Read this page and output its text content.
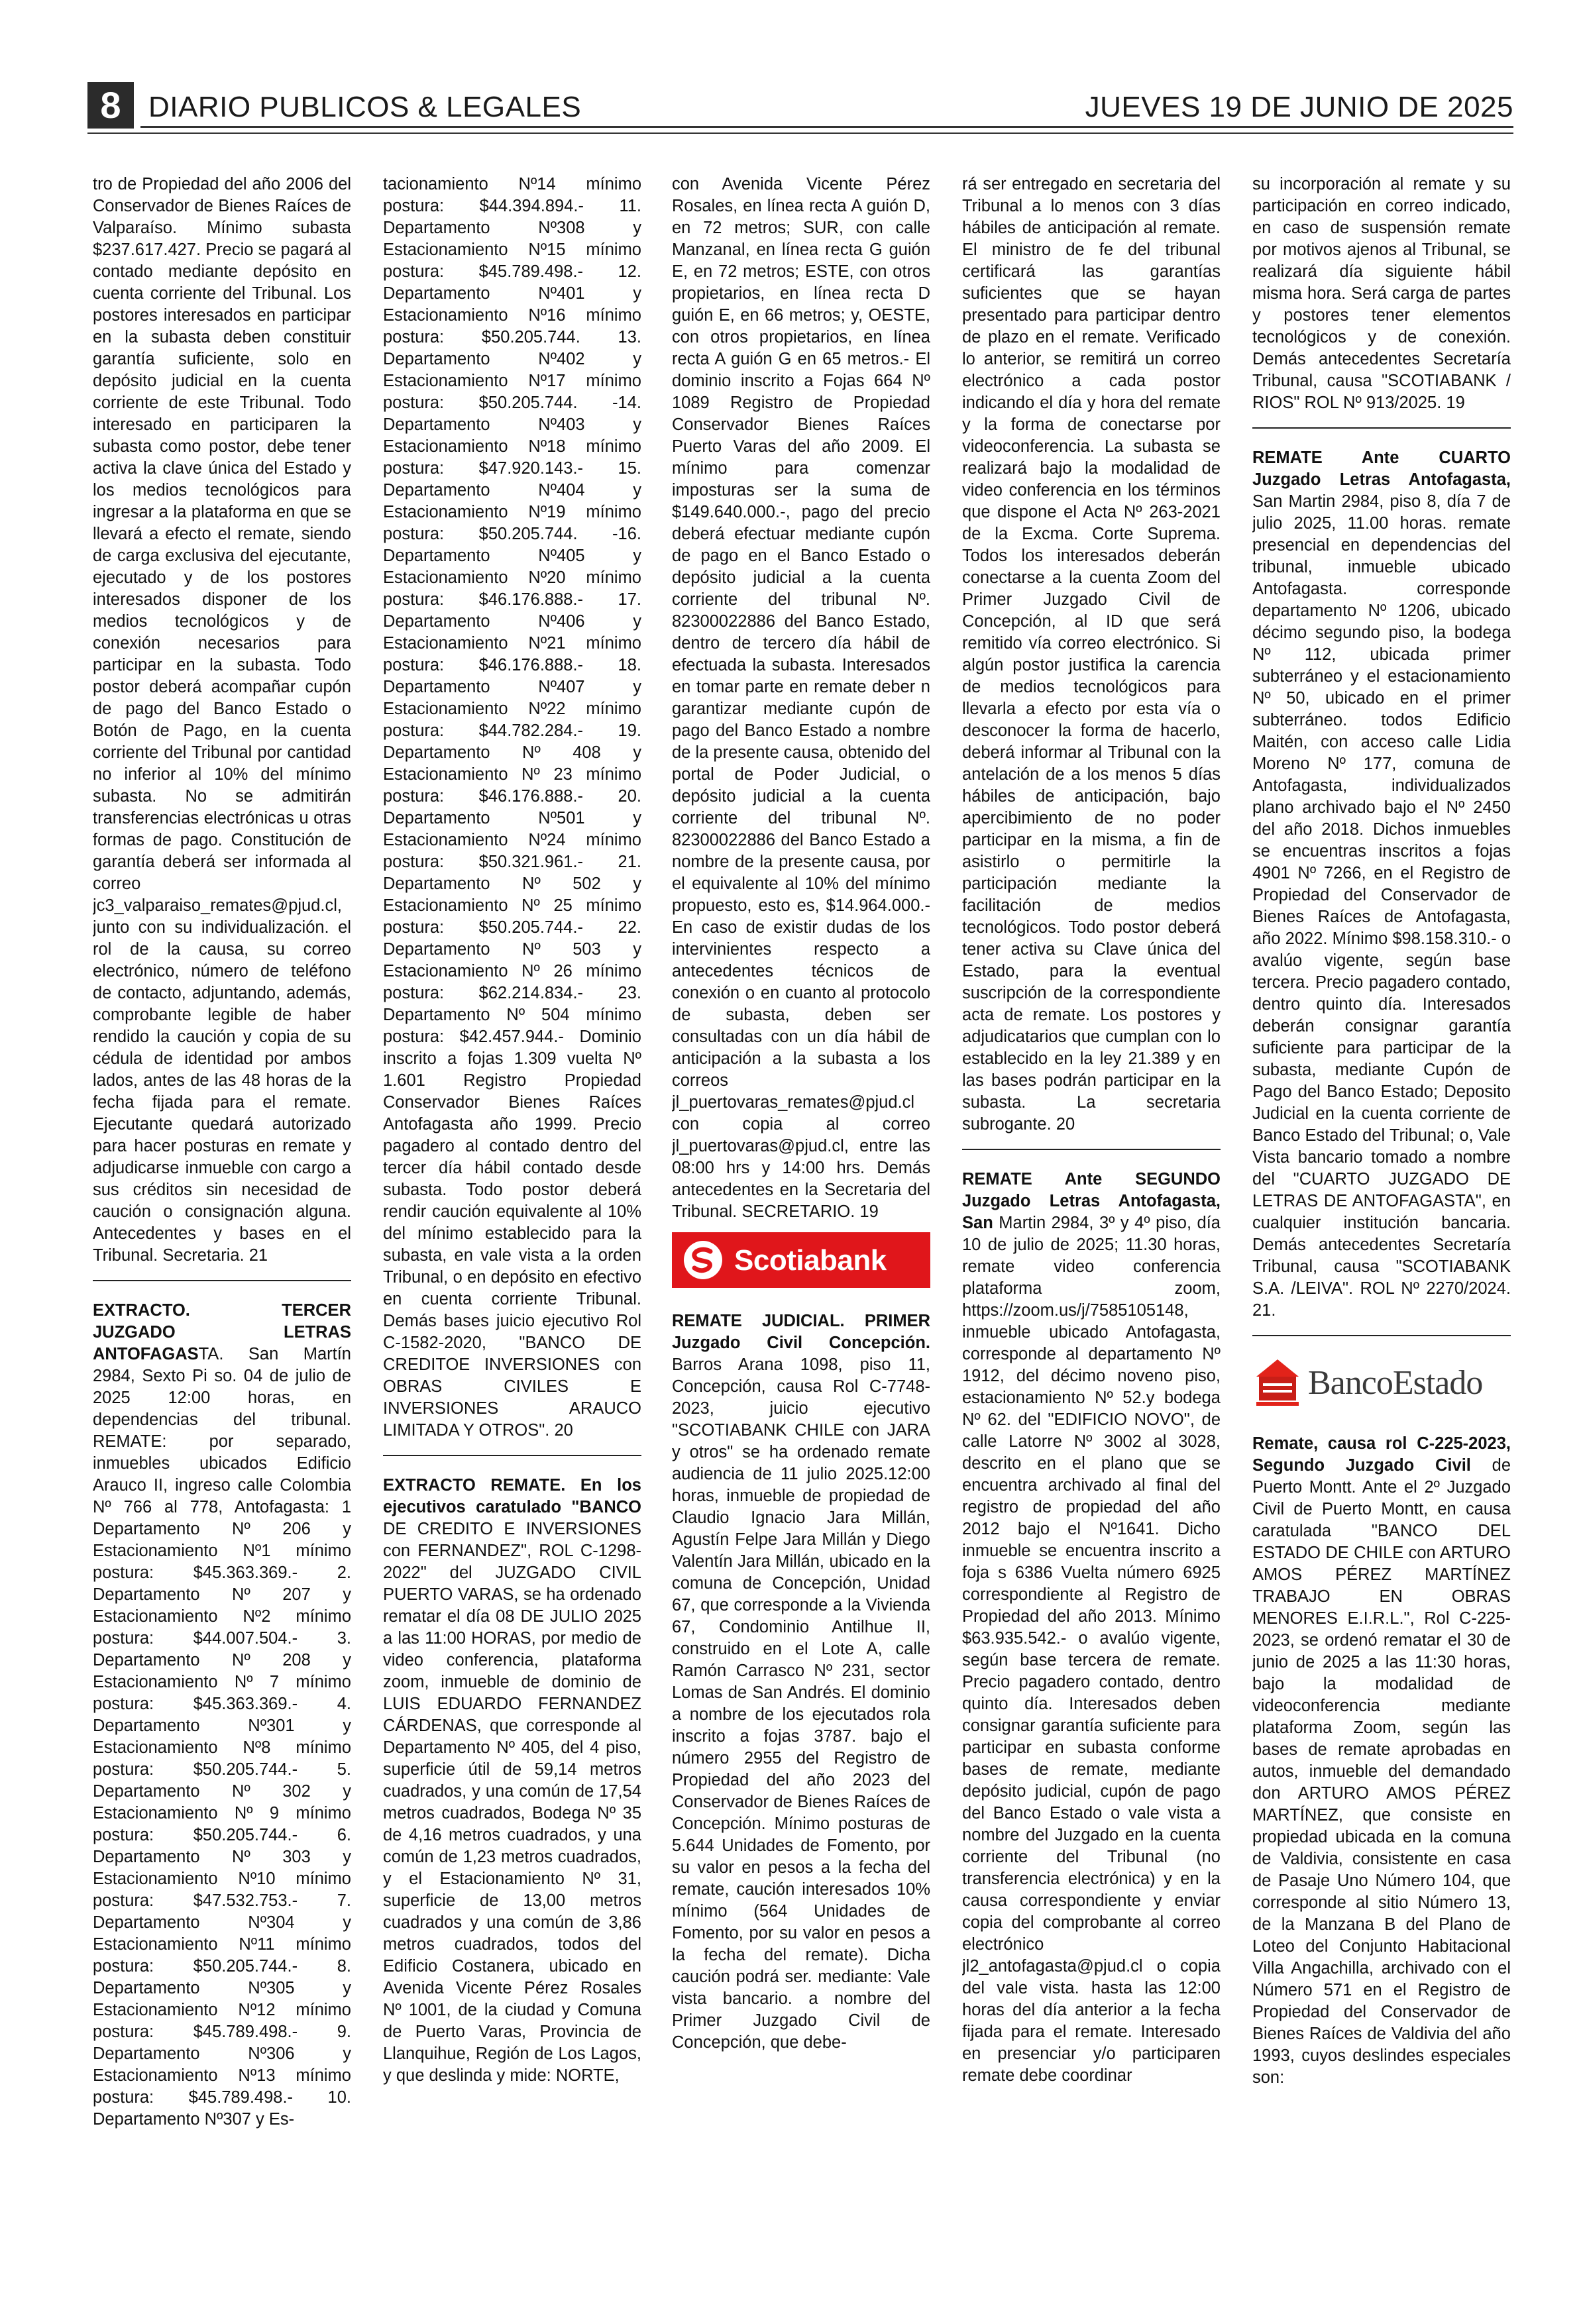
8 DIARIO PUBLICOS & LEGALES	JUEVES 19 DE JUNIO DE 2025

tro de Propiedad del año 2006 del Conservador de Bienes Raíces de Valparaíso. Mínimo subasta $237.617.427. Precio se pagará al contado mediante depósito en cuenta corriente del Tribunal. Los postores interesados en participar en la subasta deben constituir garantía suficiente, solo en depósito judicial en la cuenta corriente de este Tribunal. Todo interesado en participaren la subasta como postor, debe tener activa la clave única del Estado y los medios tecnológicos para ingresar a la plataforma en que se llevará a efecto el remate, siendo de carga exclusiva del ejecutante, ejecutado y de los postores interesados disponer de los medios tecnológicos y de conexión necesarios para participar en la subasta. Todo postor deberá acompañar cupón de pago del Banco Estado o Botón de Pago, en la cuenta corriente del Tribunal por cantidad no inferior al 10% del mínimo subasta. No se admitirán transferencias electrónicas u otras formas de pago. Constitución de garantía deberá ser informada al correo jc3_valparaiso_remates@pjud.cl, junto con su individualización. el rol de la causa, su correo electrónico, número de teléfono de contacto, adjuntando, además, comprobante legible de haber rendido la caución y copia de su cédula de identidad por ambos lados, antes de las 48 horas de la fecha fijada para el remate. Ejecutante quedará autorizado para hacer posturas en remate y adjudicarse inmueble con cargo a sus créditos sin necesidad de caución o consignación alguna. Antecedentes y bases en el Tribunal. Secretaria. 21

EXTRACTO. TERCER JUZGADO LETRAS ANTOFAGASTA. San Martín 2984, Sexto Pi so. 04 de julio de 2025 12:00 horas, en dependencias del tribunal. REMATE: por separado, inmuebles ubicados Edificio Arauco II, ingreso calle Colombia Nº 766 al 778, Antofagasta: 1 Departamento Nº 206 y Estacionamiento Nº1 mínimo postura: $45.363.369.- 2. Departamento Nº 207 y Estacionamiento Nº2 mínimo postura: $44.007.504.- 3. Departamento Nº 208 y Estacionamiento Nº 7 mínimo postura: $45.363.369.- 4. Departamento Nº301 y Estacionamiento Nº8 mínimo postura: $50.205.744.- 5. Departamento Nº 302 y Estacionamiento Nº 9 mínimo postura: $50.205.744.- 6. Departamento Nº 303 y Estacionamiento Nº10 mínimo postura: $47.532.753.- 7. Departamento Nº304 y Estacionamiento Nº11 mínimo postura: $50.205.744.- 8. Departamento Nº305 y Estacionamiento Nº12 mínimo postura: $45.789.498.- 9. Departamento Nº306 y Estacionamiento Nº13 mínimo postura: $45.789.498.- 10. Departamento Nº307 y Es-

tacionamiento Nº14 mínimo postura: $44.394.894.- 11. Departamento Nº308 y Estacionamiento Nº15 mínimo postura: $45.789.498.- 12. Departamento Nº401 y Estacionamiento Nº16 mínimo postura: $50.205.744. 13. Departamento Nº402 y Estacionamiento Nº17 mínimo postura: $50.205.744. -14. Departamento Nº403 y Estacionamiento Nº18 mínimo postura: $47.920.143.- 15. Departamento Nº404 y Estacionamiento Nº19 mínimo postura: $50.205.744. -16. Departamento Nº405 y Estacionamiento Nº20 mínimo postura: $46.176.888.- 17. Departamento Nº406 y Estacionamiento Nº21 mínimo postura: $46.176.888.- 18. Departamento Nº407 y Estacionamiento Nº22 mínimo postura: $44.782.284.- 19. Departamento Nº 408 y Estacionamiento Nº 23 mínimo postura: $46.176.888.- 20. Departamento Nº501 y Estacionamiento Nº24 mínimo postura: $50.321.961.- 21. Departamento Nº 502 y Estacionamiento Nº 25 mínimo postura: $50.205.744.- 22. Departamento Nº 503 y Estacionamiento Nº 26 mínimo postura: $62.214.834.- 23. Departamento Nº 504 mínimo postura: $42.457.944.- Dominio inscrito a fojas 1.309 vuelta Nº 1.601 Registro Propiedad Conservador Bienes Raíces Antofagasta año 1999. Precio pagadero al contado dentro del tercer día hábil contado desde subasta. Todo postor deberá rendir caución equivalente al 10% del mínimo establecido para la subasta, en vale vista a la orden Tribunal, o en depósito en efectivo en cuenta corriente Tribunal. Demás bases juicio ejecutivo Rol C-1582-2020, "BANCO DE CREDITOE INVERSIONES con OBRAS CIVILES E INVERSIONES ARAUCO LIMITADA Y OTROS". 20

EXTRACTO REMATE. En los ejecutivos caratulado "BANCO DE CREDITO E INVERSIONES con FERNANDEZ", ROL C-1298-2022" del JUZGADO CIVIL PUERTO VARAS, se ha ordenado rematar el día 08 DE JULIO 2025 a las 11:00 HORAS, por medio de video conferencia, plataforma zoom, inmueble de dominio de LUIS EDUARDO FERNANDEZ CÁRDENAS, que corresponde al Departamento Nº 405, del 4 piso, superficie útil de 59,14 metros cuadrados, y una común de 17,54 metros cuadrados, Bodega Nº 35 de 4,16 metros cuadrados, y una común de 1,23 metros cuadrados, y el Estacionamiento Nº 31, superficie de 13,00 metros cuadrados y una común de 3,86 metros cuadrados, todos del Edificio Costanera, ubicado en Avenida Vicente Pérez Rosales Nº 1001, de la ciudad y Comuna de Puerto Varas, Provincia de Llanquihue, Región de Los Lagos, y que deslinda y mide: NORTE,

con Avenida Vicente Pérez Rosales, en línea recta A guión D, en 72 metros; SUR, con calle Manzanal, en línea recta G guión E, en 72 metros; ESTE, con otros propietarios, en línea recta D guión E, en 66 metros; y, OESTE, con otros propietarios, en línea recta A guión G en 65 metros.- El dominio inscrito a Fojas 664 Nº 1089 Registro de Propiedad Conservador Bienes Raíces Puerto Varas del año 2009. El mínimo para comenzar imposturas ser la suma de $149.640.000.-, pago del precio deberá efectuar mediante cupón de pago en el Banco Estado o depósito judicial a la cuenta corriente del tribunal Nº. 82300022886 del Banco Estado, dentro de tercero día hábil de efectuada la subasta. Interesados en tomar parte en remate deber n garantizar mediante cupón de pago del Banco Estado a nombre de la presente causa, obtenido del portal de Poder Judicial, o depósito judicial a la cuenta corriente del tribunal Nº. 82300022886 del Banco Estado a nombre de la presente causa, por el equivalente al 10% del mínimo propuesto, esto es, $14.964.000.- En caso de existir dudas de los intervinientes respecto a antecedentes técnicos de conexión o en cuanto al protocolo de subasta, deben ser consultadas con un día hábil de anticipación a la subasta a los correos jl_puertovaras_remates@pjud.cl con copia al correo jl_puertovaras@pjud.cl, entre las 08:00 hrs y 14:00 hrs. Demás antecedentes en la Secretaria del Tribunal. SECRETARIO. 19

Scotiabank

REMATE JUDICIAL. PRIMER Juzgado Civil Concepción. Barros Arana 1098, piso 11, Concepción, causa Rol C-7748-2023, juicio ejecutivo "SCOTIABANK CHILE con JARA y otros" se ha ordenado remate audiencia de 11 julio 2025.12:00 horas, inmueble de propiedad de Claudio Ignacio Jara Millán, Agustín Felpe Jara Millán y Diego Valentín Jara Millán, ubicado en la comuna de Concepción, Unidad 67, que corresponde a la Vivienda 67, Condominio Antilhue II, construido en el Lote A, calle Ramón Carrasco Nº 231, sector Lomas de San Andrés. El dominio a nombre de los ejecutados rola inscrito a fojas 3787. bajo el número 2955 del Registro de Propiedad del año 2023 del Conservador de Bienes Raíces de Concepción. Mínimo posturas de 5.644 Unidades de Fomento, por su valor en pesos a la fecha del remate, caución interesados 10% mínimo (564 Unidades de Fomento, por su valor en pesos a la fecha del remate). Dicha caución podrá ser. mediante: Vale vista bancario. a nombre del Primer Juzgado Civil de Concepción, que debe-

rá ser entregado en secretaria del Tribunal a lo menos con 3 días hábiles de anticipación al remate. El ministro de fe del tribunal certificará las garantías suficientes que se hayan presentado para participar dentro de plazo en el remate. Verificado lo anterior, se remitirá un correo electrónico a cada postor indicando el día y hora del remate y la forma de conectarse por videoconferencia. La subasta se realizará bajo la modalidad de video conferencia en los términos que dispone el Acta Nº 263-2021 de la Excma. Corte Suprema. Todos los interesados deberán conectarse a la cuenta Zoom del Primer Juzgado Civil de Concepción, al ID que será remitido vía correo electrónico. Si algún postor justifica la carencia de medios tecnológicos para llevarla a efecto por esta vía o desconocer la forma de hacerlo, deberá informar al Tribunal con la antelación de a los menos 5 días hábiles de anticipación, bajo apercibimiento de no poder participar en la misma, a fin de asistirlo o permitirle la participación mediante la facilitación de medios tecnológicos. Todo postor deberá tener activa su Clave única del Estado, para la eventual suscripción de la correspondiente acta de remate. Los postores y adjudicatarios que cumplan con lo establecido en la ley 21.389 y en las bases podrán participar en la subasta. La secretaria subrogante. 20

REMATE Ante SEGUNDO Juzgado Letras Antofagasta, San Martin 2984, 3º y 4º piso, día 10 de julio de 2025; 11.30 horas, remate video conferencia plataforma zoom, https://zoom.us/j/7585105148, inmueble ubicado Antofagasta, corresponde al departamento Nº 1912, del décimo noveno piso, estacionamiento Nº 52.y bodega Nº 62. del "EDIFICIO NOVO", de calle Latorre Nº 3002 al 3028, descrito en el plano que se encuentra archivado al final del registro de propiedad del año 2012 bajo el Nº1641. Dicho inmueble se encuentra inscrito a foja s 6386 Vuelta número 6925 correspondiente al Registro de Propiedad del año 2013. Mínimo $63.935.542.- o avalúo vigente, según base tercera de remate. Precio pagadero contado, dentro quinto día. Interesados deben consignar garantía suficiente para participar en subasta conforme bases de remate, mediante depósito judicial, cupón de pago del Banco Estado o vale vista a nombre del Juzgado en la cuenta corriente del Tribunal (no transferencia electrónica) y en la causa correspondiente y enviar copia del comprobante al correo electrónico jl2_antofagasta@pjud.cl o copia del vale vista. hasta las 12:00 horas del día anterior a la fecha fijada para el remate. Interesado en presenciar y/o participaren remate debe coordinar

su incorporación al remate y su participación en correo indicado, en caso de suspensión remate por motivos ajenos al Tribunal, se realizará día siguiente hábil misma hora. Será carga de partes y postores tener elementos tecnológicos y de conexión. Demás antecedentes Secretaría Tribunal, causa "SCOTIABANK / RIOS" ROL Nº 913/2025. 19

REMATE Ante CUARTO Juzgado Letras Antofagasta, San Martin 2984, piso 8, día 7 de julio 2025, 11.00 horas. remate presencial en dependencias del tribunal, inmueble ubicado Antofagasta. corresponde departamento Nº 1206, ubicado décimo segundo piso, la bodega Nº 112, ubicada primer subterráneo y el estacionamiento Nº 50, ubicado en el primer subterráneo. todos Edificio Maitén, con acceso calle Lidia Moreno Nº 177, comuna de Antofagasta, individualizados plano archivado bajo el Nº 2450 del año 2018. Dichos inmuebles se encuentras inscritos a fojas 4901 Nº 7266, en el Registro de Propiedad del Conservador de Bienes Raíces de Antofagasta, año 2022. Mínimo $98.158.310.- o avalúo vigente, según base tercera. Precio pagadero contado, dentro quinto día. Interesados deberán consignar garantía suficiente para participar de la subasta, mediante Cupón de Pago del Banco Estado; Deposito Judicial en la cuenta corriente de Banco Estado del Tribunal; o, Vale Vista bancario tomado a nombre del "CUARTO JUZGADO DE LETRAS DE ANTOFAGASTA", en cualquier institución bancaria. Demás antecedentes Secretaría Tribunal, causa "SCOTIABANK S.A. /LEIVA". ROL Nº 2270/2024. 21.

BancoEstado

Remate, causa rol C-225-2023, Segundo Juzgado Civil de Puerto Montt. Ante el 2º Juzgado Civil de Puerto Montt, en causa caratulada "BANCO DEL ESTADO DE CHILE con ARTURO AMOS PÉREZ MARTÍNEZ TRABAJO EN OBRAS MENORES E.I.R.L.", Rol C-225-2023, se ordenó rematar el 30 de junio de 2025 a las 11:30 horas, bajo la modalidad de videoconferencia mediante plataforma Zoom, según las bases de remate aprobadas en autos, inmueble del demandado don ARTURO AMOS PÉREZ MARTÍNEZ, que consiste en propiedad ubicada en la comuna de Valdivia, consistente en casa de Pasaje Uno Número 104, que corresponde al sitio Número 13, de la Manzana B del Plano de Loteo del Conjunto Habitacional Villa Angachilla, archivado con el Número 571 en el Registro de Propiedad del Conservador de Bienes Raíces de Valdivia del año 1993, cuyos deslindes especiales son:
